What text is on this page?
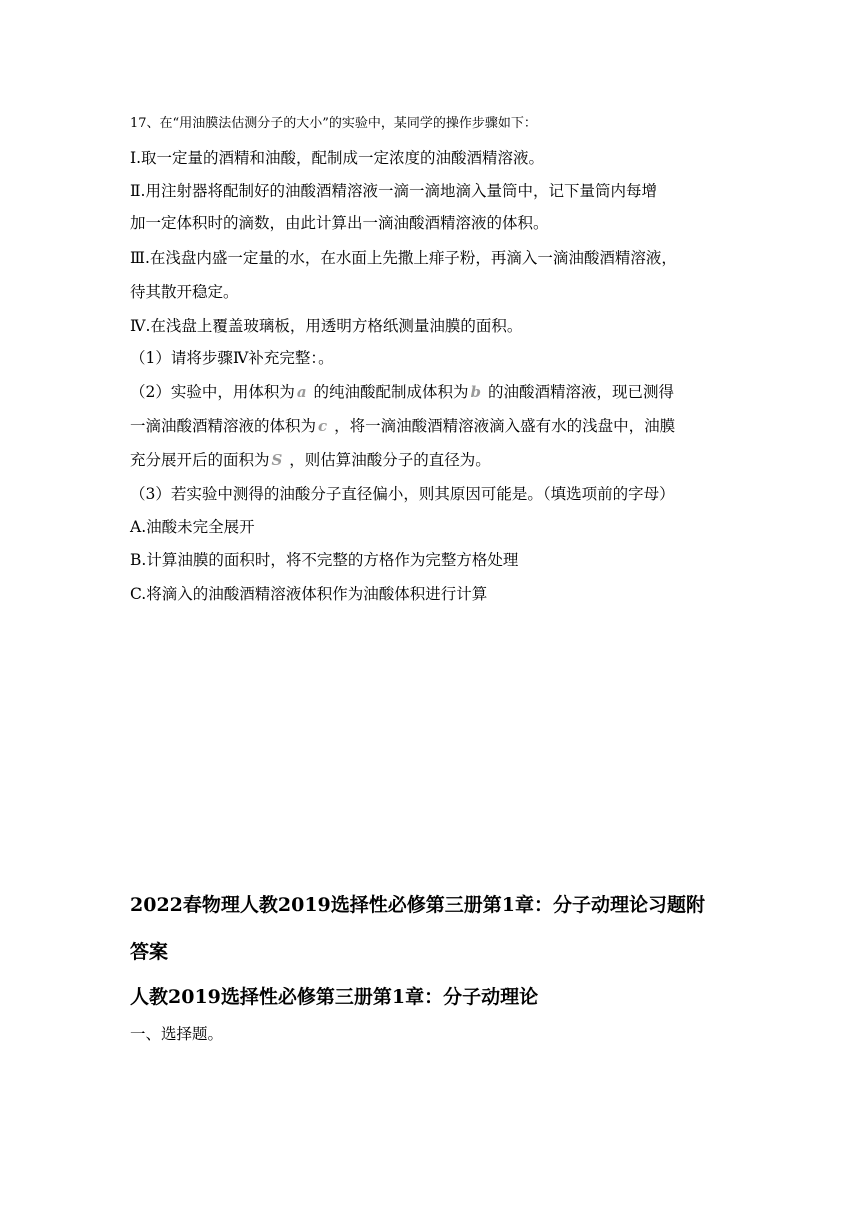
17、在“用油膜法估测分子的大小”的实验中，某同学的操作步骤如下：
Ⅰ.取一定量的酒精和油酸，配制成一定浓度的油酸酒精溶液。
Ⅱ.用注射器将配制好的油酸酒精溶液一滴一滴地滴入量筒中，记下量筒内每增
加一定体积时的滴数，由此计算出一滴油酸酒精溶液的体积。
Ⅲ.在浅盘内盛一定量的水，在水面上先撒上痱子粉，再滴入一滴油酸酒精溶液，
待其散开稳定。
Ⅳ.在浅盘上覆盖玻璃板，用透明方格纸测量油膜的面积。
（1）请将步骤Ⅳ补充完整：。
（2）实验中，用体积为 a 的纯油酸配制成体积为 b 的油酸酒精溶液，现已测得
一滴油酸酒精溶液的体积为 c ，将一滴油酸酒精溶液滴入盛有水的浅盘中，油膜
充分展开后的面积为 S ，则估算油酸分子的直径为。
（3）若实验中测得的油酸分子直径偏小，则其原因可能是。（填选项前的字母）
A.油酸未完全展开
B.计算油膜的面积时，将不完整的方格作为完整方格处理
C.将滴入的油酸酒精溶液体积作为油酸体积进行计算
2022春物理人教2019选择性必修第三册第1章：分子动理论习题附
答案
人教2019选择性必修第三册第1章：分子动理论
一、选择题。
